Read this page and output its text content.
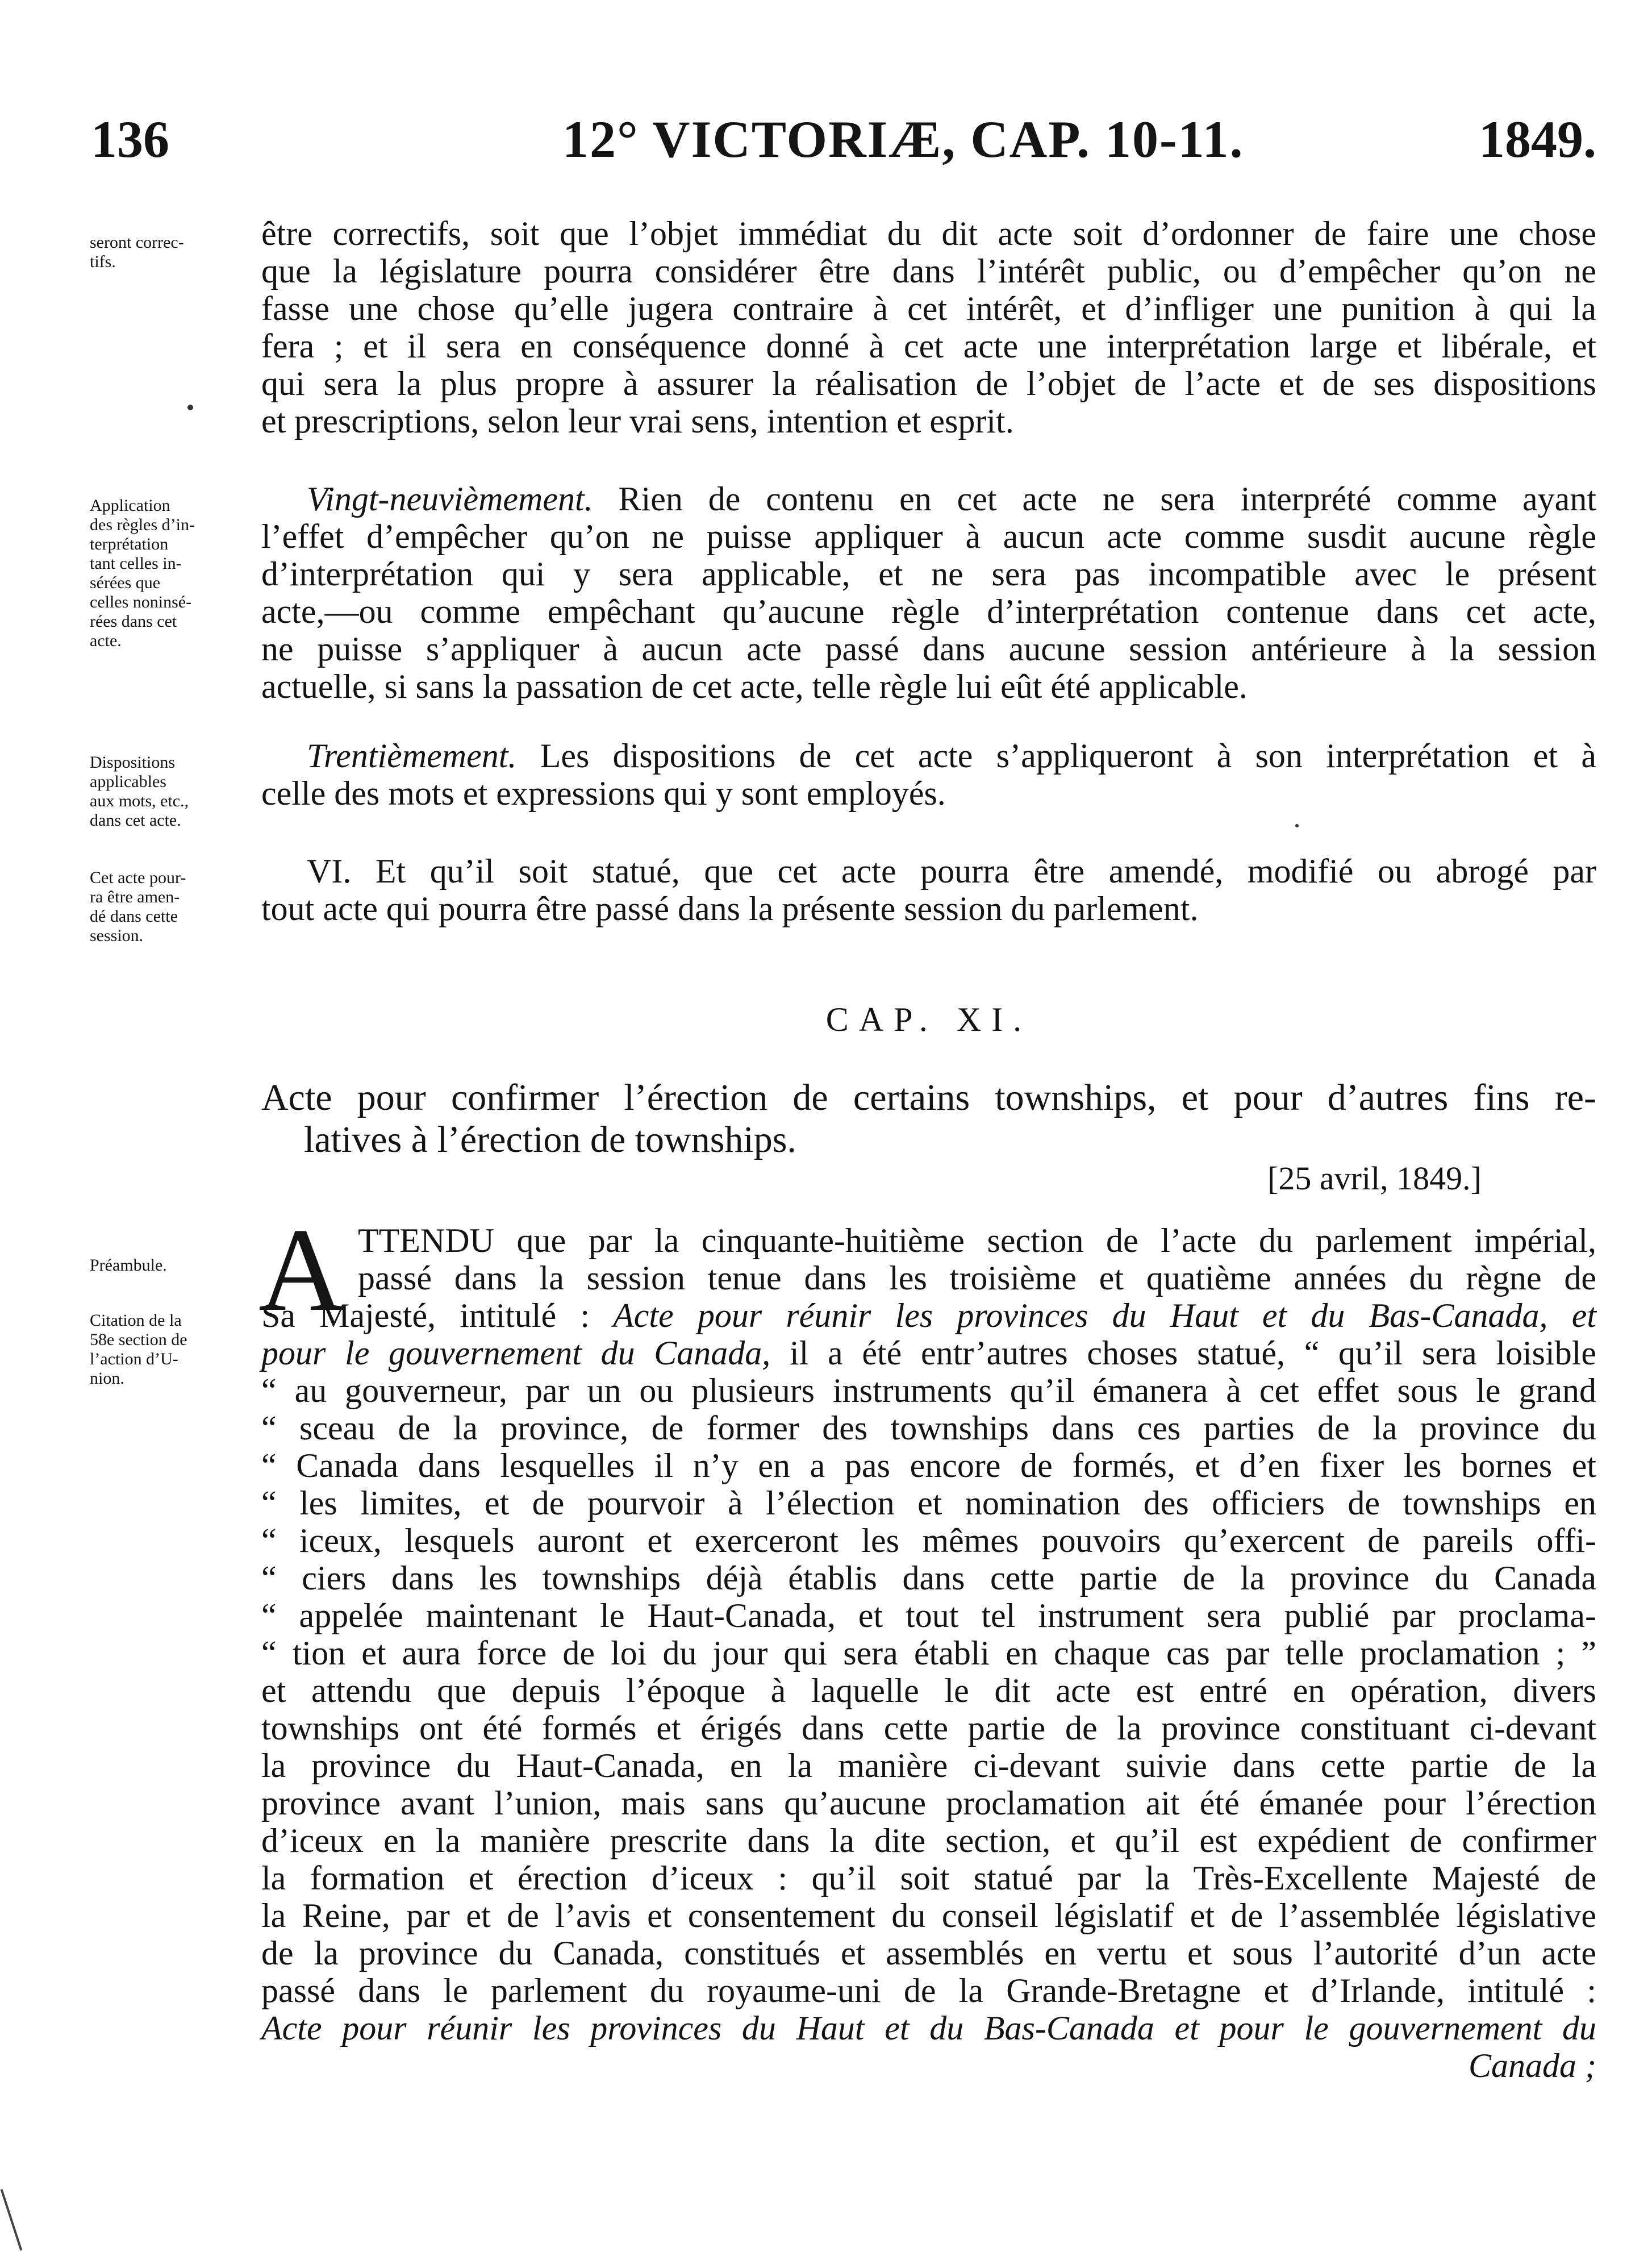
136	12° VICTORIÆ, CAP. 10-11.	1849.
seront correc-
tifs.
Application
des règles d’in-
terprétation
tant celles in-
sérées que
celles noninsé-
rées dans cet
acte.
Dispositions
applicables
aux mots, etc.,
dans cet acte.
Cet acte pour-
ra être amen-
dé dans cette
session.
Préambule.
Citation de la
58e section de
l’action d’U-
nion.
être correctifs, soit que l’objet immédiat du dit acte soit d’ordonner de faire une chose
que la législature pourra considérer être dans l’intérêt public, ou d’empêcher qu’on ne
fasse une chose qu’elle jugera contraire à cet intérêt, et d’infliger une punition à qui la
fera ; et il sera en conséquence donné à cet acte une interprétation large et libérale, et
qui sera la plus propre à assurer la réalisation de l’objet de l’acte et de ses dispositions
et prescriptions, selon leur vrai sens, intention et esprit.
Vingt-neuvièmement. Rien de contenu en cet acte ne sera interprété comme ayant
l’effet d’empêcher qu’on ne puisse appliquer à aucun acte comme susdit aucune règle
d’interprétation qui y sera applicable, et ne sera pas incompatible avec le présent
acte,—ou comme empêchant qu’aucune règle d’interprétation contenue dans cet acte,
ne puisse s’appliquer à aucun acte passé dans aucune session antérieure à la session
actuelle, si sans la passation de cet acte, telle règle lui eût été applicable.
Trentièmement. Les dispositions de cet acte s’appliqueront à son interprétation et à
celle des mots et expressions qui y sont employés.
VI. Et qu’il soit statué, que cet acte pourra être amendé, modifié ou abrogé par
tout acte qui pourra être passé dans la présente session du parlement.
CAP. XI.
Acte pour confirmer l’érection de certains townships, et pour d’autres fins re-
latives à l’érection de townships.
[25 avril, 1849.]
A TTENDU que par la cinquante-huitième section de l’acte du parlement impérial,
passé dans la session tenue dans les troisième et quatième années du règne de
Sa Majesté, intitulé : Acte pour réunir les provinces du Haut et du Bas-Canada, et
pour le gouvernement du Canada, il a été entr’autres choses statué, “ qu’il sera loisible
“ au gouverneur, par un ou plusieurs instruments qu’il émanera à cet effet sous le grand
“ sceau de la province, de former des townships dans ces parties de la province du
“ Canada dans lesquelles il n’y en a pas encore de formés, et d’en fixer les bornes et
“ les limites, et de pourvoir à l’élection et nomination des officiers de townships en
“ iceux, lesquels auront et exerceront les mêmes pouvoirs qu’exercent de pareils offi-
“ ciers dans les townships déjà établis dans cette partie de la province du Canada
“ appelée maintenant le Haut-Canada, et tout tel instrument sera publié par proclama-
“ tion et aura force de loi du jour qui sera établi en chaque cas par telle proclamation ; ”
et attendu que depuis l’époque à laquelle le dit acte est entré en opération, divers
townships ont été formés et érigés dans cette partie de la province constituant ci-devant
la province du Haut-Canada, en la manière ci-devant suivie dans cette partie de la
province avant l’union, mais sans qu’aucune proclamation ait été émanée pour l’érection
d’iceux en la manière prescrite dans la dite section, et qu’il est expédient de confirmer
la formation et érection d’iceux : qu’il soit statué par la Très-Excellente Majesté de
la Reine, par et de l’avis et consentement du conseil législatif et de l’assemblée législative
de la province du Canada, constitués et assemblés en vertu et sous l’autorité d’un acte
passé dans le parlement du royaume-uni de la Grande-Bretagne et d’Irlande, intitulé :
Acte pour réunir les provinces du Haut et du Bas-Canada et pour le gouvernement du
Canada ;
